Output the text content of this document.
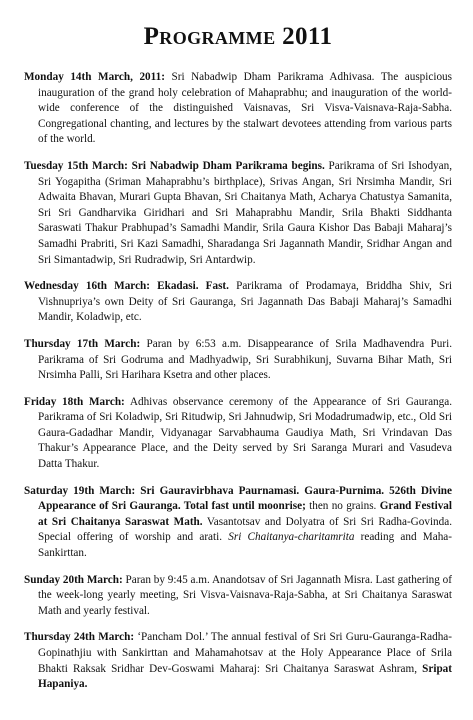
Programme 2011

Monday 14th March, 2011: Sri Nabadwip Dham Parikrama Adhivasa. The auspicious inauguration of the grand holy celebration of Mahaprabhu; and inauguration of the world-wide conference of the distinguished Vaisnavas, Sri Visva-Vaisnava-Raja-Sabha. Congregational chanting, and lectures by the stalwart devotees attending from various parts of the world.

Tuesday 15th March: Sri Nabadwip Dham Parikrama begins. Parikrama of Sri Ishodyan, Sri Yogapitha (Sriman Mahaprabhu’s birthplace), Srivas Angan, Sri Nrsimha Mandir, Sri Adwaita Bhavan, Murari Gupta Bhavan, Sri Chaitanya Math, Acharya Chatustya Samanita, Sri Sri Gandharvika Giridhari and Sri Mahaprabhu Mandir, Srila Bhakti Siddhanta Saraswati Thakur Prabhupad’s Samadhi Mandir, Srila Gaura Kishor Das Babaji Maharaj’s Samadhi Prabriti, Sri Kazi Samadhi, Sharadanga Sri Jagannath Mandir, Sridhar Angan and Sri Simantadwip, Sri Rudradwip, Sri Antardwip.

Wednesday 16th March: Ekadasi. Fast. Parikrama of Prodamaya, Briddha Shiv, Sri Vishnupriya’s own Deity of Sri Gauranga, Sri Jagannath Das Babaji Maharaj’s Samadhi Mandir, Koladwip, etc.

Thursday 17th March: Paran by 6:53 a.m. Disappearance of Srila Madhavendra Puri. Parikrama of Sri Godruma and Madhyadwip, Sri Surabhikunj, Suvarna Bihar Math, Sri Nrsimha Palli, Sri Harihara Ksetra and other places.

Friday 18th March: Adhivas observance ceremony of the Appearance of Sri Gauranga. Parikrama of Sri Koladwip, Sri Ritudwip, Sri Jahnudwip, Sri Modadrumadwip, etc., Old Sri Gaura-Gadadhar Mandir, Vidyanagar Sarvabhauma Gaudiya Math, Sri Vrindavan Das Thakur’s Appearance Place, and the Deity served by Sri Saranga Murari and Vasudeva Datta Thakur.

Saturday 19th March: Sri Gauravirbhava Paurnamasi. Gaura-Purnima. 526th Divine Appearance of Sri Gauranga. Total fast until moonrise; then no grains. Grand Festival at Sri Chaitanya Saraswat Math. Vasantotsav and Dolyatra of Sri Sri Radha-Govinda. Special offering of worship and arati. Sri Chaitanya-charitamrita reading and Maha-Sankirttan.

Sunday 20th March: Paran by 9:45 a.m. Anandotsav of Sri Jagannath Misra. Last gathering of the week-long yearly meeting, Sri Visva-Vaisnava-Raja-Sabha, at Sri Chaitanya Saraswat Math and yearly festival.

Thursday 24th March: ‘Pancham Dol.’ The annual festival of Sri Sri Guru-Gauranga-Radha-Gopinathjiu with Sankirttan and Mahamahotsav at the Holy Appearance Place of Srila Bhakti Raksak Sridhar Dev-Goswami Maharaj: Sri Chaitanya Saraswat Ashram, Sripat Hapaniya.
